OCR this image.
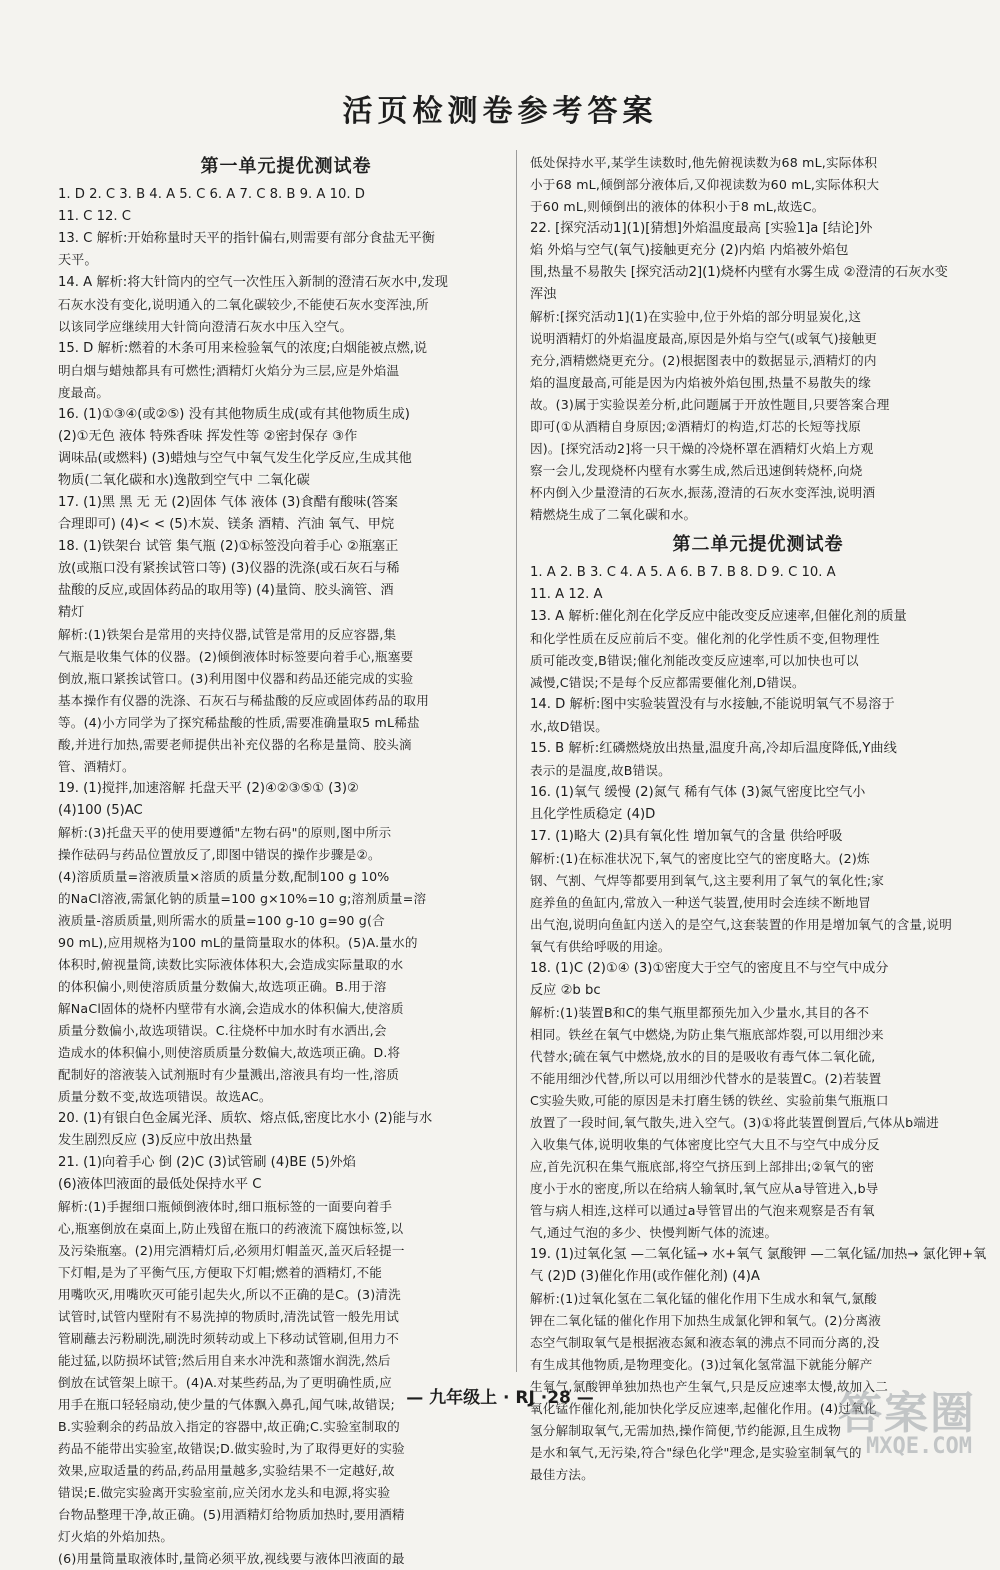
活页检测卷参考答案
第一单元提优测试卷
1. D 2. C 3. B 4. A 5. C 6. A 7. C 8. B 9. A 10. D
11. C 12. C
13. C 解析:开始称量时天平的指针偏右,则需要有部分食盐无平衡
天平。
14. A 解析:将大针筒内的空气一次性压入新制的澄清石灰水中,发现
石灰水没有变化,说明通入的二氧化碳较少,不能使石灰水变浑浊,所
以该同学应继续用大针筒向澄清石灰水中压入空气。
15. D 解析:燃着的木条可用来检验氧气的浓度;白烟能被点燃,说
明白烟与蜡烛都具有可燃性;酒精灯火焰分为三层,应是外焰温
度最高。
16. (1)①③④(或②⑤) 没有其他物质生成(或有其他物质生成)
(2)①无色 液体 特殊香味 挥发性等 ②密封保存 ③作
调味品(或燃料) (3)蜡烛与空气中氧气发生化学反应,生成其他
物质(二氧化碳和水)逸散到空气中 二氧化碳
17. (1)黑 黑 无 无 (2)固体 气体 液体 (3)食醋有酸味(答案
合理即可) (4)< < (5)木炭、镁条 酒精、汽油 氧气、甲烷
18. (1)铁架台 试管 集气瓶 (2)①标签没向着手心 ②瓶塞正
放(或瓶口没有紧挨试管口等) (3)仪器的洗涤(或石灰石与稀
盐酸的反应,或固体药品的取用等) (4)量筒、胶头滴管、酒
精灯
解析:(1)铁架台是常用的夹持仪器,试管是常用的反应容器,集
气瓶是收集气体的仪器。(2)倾倒液体时标签要向着手心,瓶塞要
倒放,瓶口紧挨试管口。(3)利用图中仪器和药品还能完成的实验
基本操作有仪器的洗涤、石灰石与稀盐酸的反应或固体药品的取用
等。(4)小方同学为了探究稀盐酸的性质,需要准确量取5 mL稀盐
酸,并进行加热,需要老师提供出补充仪器的名称是量筒、胶头滴
管、酒精灯。
19. (1)搅拌,加速溶解 托盘天平 (2)④②③⑤① (3)②
(4)100 (5)AC
解析:(3)托盘天平的使用要遵循"左物右码"的原则,图中所示
操作砝码与药品位置放反了,即图中错误的操作步骤是②。
(4)溶质质量=溶液质量×溶质的质量分数,配制100 g 10%
的NaCl溶液,需氯化钠的质量=100 g×10%=10 g;溶剂质量=溶
液质量-溶质质量,则所需水的质量=100 g-10 g=90 g(合
90 mL),应用规格为100 mL的量筒量取水的体积。(5)A.量水的
体积时,俯视量筒,读数比实际液体体积大,会造成实际量取的水
的体积偏小,则使溶质质量分数偏大,故选项正确。B.用于溶
解NaCl固体的烧杯内壁带有水滴,会造成水的体积偏大,使溶质
质量分数偏小,故选项错误。C.往烧杯中加水时有水洒出,会
造成水的体积偏小,则使溶质质量分数偏大,故选项正确。D.将
配制好的溶液装入试剂瓶时有少量溅出,溶液具有均一性,溶质
质量分数不变,故选项错误。故选AC。
20. (1)有银白色金属光泽、质软、熔点低,密度比水小 (2)能与水
发生剧烈反应 (3)反应中放出热量
21. (1)向着手心 倒 (2)C (3)试管刷 (4)BE (5)外焰
(6)液体凹液面的最低处保持水平 C
解析:(1)手握细口瓶倾倒液体时,细口瓶标签的一面要向着手
心,瓶塞倒放在桌面上,防止残留在瓶口的药液流下腐蚀标签,以
及污染瓶塞。(2)用完酒精灯后,必须用灯帽盖灭,盖灭后轻提一
下灯帽,是为了平衡气压,方便取下灯帽;燃着的酒精灯,不能
用嘴吹灭,用嘴吹灭可能引起失火,所以不正确的是C。(3)清洗
试管时,试管内壁附有不易洗掉的物质时,清洗试管一般先用试
管刷蘸去污粉刷洗,刷洗时须转动或上下移动试管刷,但用力不
能过猛,以防损坏试管;然后用自来水冲洗和蒸馏水润洗,然后
倒放在试管架上晾干。(4)A.对某些药品,为了更明确性质,应
用手在瓶口轻轻扇动,使少量的气体飘入鼻孔,闻气味,故错误;
B.实验剩余的药品放入指定的容器中,故正确;C.实验室制取的
药品不能带出实验室,故错误;D.做实验时,为了取得更好的实验
效果,应取适量的药品,药品用量越多,实验结果不一定越好,故
错误;E.做完实验离开实验室前,应关闭水龙头和电源,将实验
台物品整理干净,故正确。(5)用酒精灯给物质加热时,要用酒精
灯火焰的外焰加热。
(6)用量筒量取液体时,量筒必须平放,视线要与液体凹液面的最
低处保持水平,某学生读数时,他先俯视读数为68 mL,实际体积
小于68 mL,倾倒部分液体后,又仰视读数为60 mL,实际体积大
于60 mL,则倾倒出的液体的体积小于8 mL,故选C。
22. [探究活动1](1)[猜想]外焰温度最高 [实验1]a [结论]外
焰 外焰与空气(氧气)接触更充分 (2)内焰 内焰被外焰包
围,热量不易散失 [探究活动2](1)烧杯内壁有水雾生成 ②澄清的石灰水变
浑浊
解析:[探究活动1](1)在实验中,位于外焰的部分明显炭化,这
说明酒精灯的外焰温度最高,原因是外焰与空气(或氧气)接触更
充分,酒精燃烧更充分。(2)根据图表中的数据显示,酒精灯的内
焰的温度最高,可能是因为内焰被外焰包围,热量不易散失的缘
故。(3)属于实验误差分析,此问题属于开放性题目,只要答案合理
即可(①从酒精自身原因;②酒精灯的构造,灯芯的长短等找原
因)。[探究活动2]将一只干燥的冷烧杯罩在酒精灯火焰上方观
察一会儿,发现烧杯内壁有水雾生成,然后迅速倒转烧杯,向烧
杯内倒入少量澄清的石灰水,振荡,澄清的石灰水变浑浊,说明酒
精燃烧生成了二氧化碳和水。
第二单元提优测试卷
1. A 2. B 3. C 4. A 5. A 6. B 7. B 8. D 9. C 10. A
11. A 12. A
13. A 解析:催化剂在化学反应中能改变反应速率,但催化剂的质量
和化学性质在反应前后不变。催化剂的化学性质不变,但物理性
质可能改变,B错误;催化剂能改变反应速率,可以加快也可以
减慢,C错误;不是每个反应都需要催化剂,D错误。
14. D 解析:图中实验装置没有与水接触,不能说明氧气不易溶于
水,故D错误。
15. B 解析:红磷燃烧放出热量,温度升高,冷却后温度降低,Y曲线
表示的是温度,故B错误。
16. (1)氧气 缓慢 (2)氮气 稀有气体 (3)氮气密度比空气小
且化学性质稳定 (4)D
17. (1)略大 (2)具有氧化性 增加氧气的含量 供给呼吸
解析:(1)在标准状况下,氧气的密度比空气的密度略大。(2)炼
钢、气割、气焊等都要用到氧气,这主要利用了氧气的氧化性;家
庭养鱼的鱼缸内,常放入一种送气装置,使用时会连续不断地冒
出气泡,说明向鱼缸内送入的是空气,这套装置的作用是增加氧气的含量,说明
氧气有供给呼吸的用途。
18. (1)C (2)①④ (3)①密度大于空气的密度且不与空气中成分
反应 ②b bc
解析:(1)装置B和C的集气瓶里都预先加入少量水,其目的各不
相同。铁丝在氧气中燃烧,为防止集气瓶底部炸裂,可以用细沙来
代替水;硫在氧气中燃烧,放水的目的是吸收有毒气体二氧化硫,
不能用细沙代替,所以可以用细沙代替水的是装置C。(2)若装置
C实验失败,可能的原因是未打磨生锈的铁丝、实验前集气瓶瓶口
放置了一段时间,氧气散失,进入空气。(3)①将此装置倒置后,气体从b端进
入收集气体,说明收集的气体密度比空气大且不与空气中成分反
应,首先沉积在集气瓶底部,将空气挤压到上部排出;②氧气的密
度小于水的密度,所以在给病人输氧时,氧气应从a导管进入,b导
管与病人相连,这样可以通过a导管冒出的气泡来观察是否有氧
气,通过气泡的多少、快慢判断气体的流速。
19. (1)过氧化氢 —二氧化锰→ 水+氧气 氯酸钾 —二氧化锰/加热→ 氯化钾+氧
气 (2)D (3)催化作用(或作催化剂) (4)A
解析:(1)过氧化氢在二氧化锰的催化作用下生成水和氧气,氯酸
钾在二氧化锰的催化作用下加热生成氯化钾和氧气。(2)分离液
态空气制取氧气是根据液态氮和液态氧的沸点不同而分离的,没
有生成其他物质,是物理变化。(3)过氧化氢常温下就能分解产
生氧气,氯酸钾单独加热也产生氧气,只是反应速率太慢,故加入二
氧化锰作催化剂,能加快化学反应速率,起催化作用。(4)过氧化
氢分解制取氧气,无需加热,操作简便,节约能源,且生成物
是水和氧气,无污染,符合"绿色化学"理念,是实验室制氧气的
最佳方法。
— 九年级上 · RJ ·28 —	答案圈
MXQE.COM
